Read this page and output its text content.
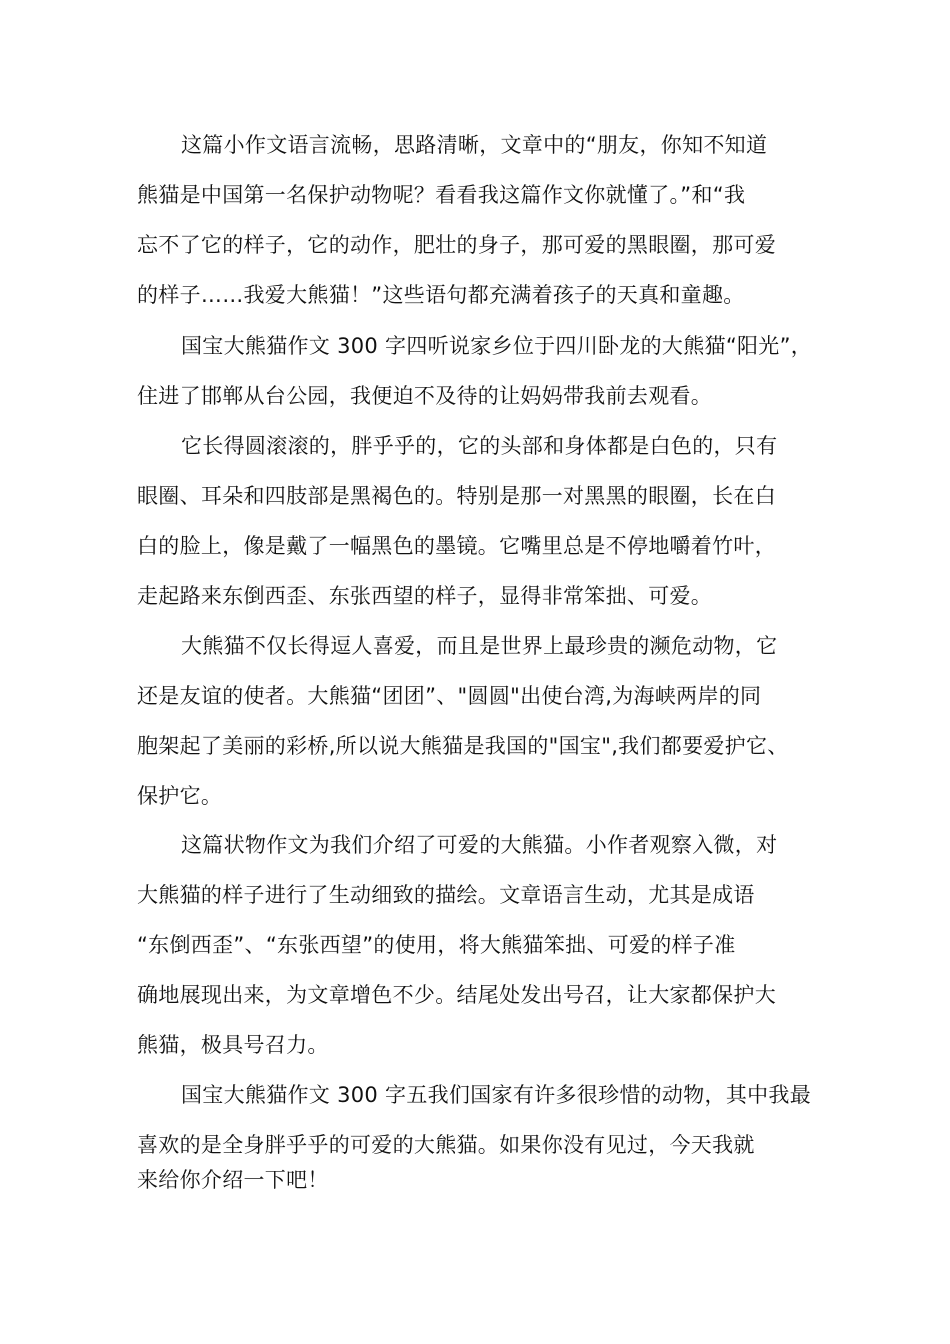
这篇小作文语言流畅，思路清晰，文章中的“朋友，你知不知道
熊猫是中国第一名保护动物呢？看看我这篇作文你就懂了。”和“我
忘不了它的样子，它的动作，肥壮的身子，那可爱的黑眼圈，那可爱
的样子……我爱大熊猫！”这些语句都充满着孩子的天真和童趣。
国宝大熊猫作文 300 字四听说家乡位于四川卧龙的大熊猫“阳光”，
住进了邯郸从台公园，我便迫不及待的让妈妈带我前去观看。
它长得圆滚滚的，胖乎乎的，它的头部和身体都是白色的，只有
眼圈、耳朵和四肢部是黑褐色的。特别是那一对黑黑的眼圈，长在白
白的脸上，像是戴了一幅黑色的墨镜。它嘴里总是不停地嚼着竹叶，
走起路来东倒西歪、东张西望的样子，显得非常笨拙、可爱。
大熊猫不仅长得逗人喜爱，而且是世界上最珍贵的濒危动物，它
还是友谊的使者。大熊猫“团团”、"圆圆"出使台湾,为海峡两岸的同
胞架起了美丽的彩桥,所以说大熊猫是我国的"国宝",我们都要爱护它、
保护它。
这篇状物作文为我们介绍了可爱的大熊猫。小作者观察入微，对
大熊猫的样子进行了生动细致的描绘。文章语言生动，尤其是成语
“东倒西歪”、“东张西望”的使用，将大熊猫笨拙、可爱的样子准
确地展现出来，为文章增色不少。结尾处发出号召，让大家都保护大
熊猫，极具号召力。
国宝大熊猫作文 300 字五我们国家有许多很珍惜的动物，其中我最
喜欢的是全身胖乎乎的可爱的大熊猫。如果你没有见过，今天我就
来给你介绍一下吧！
